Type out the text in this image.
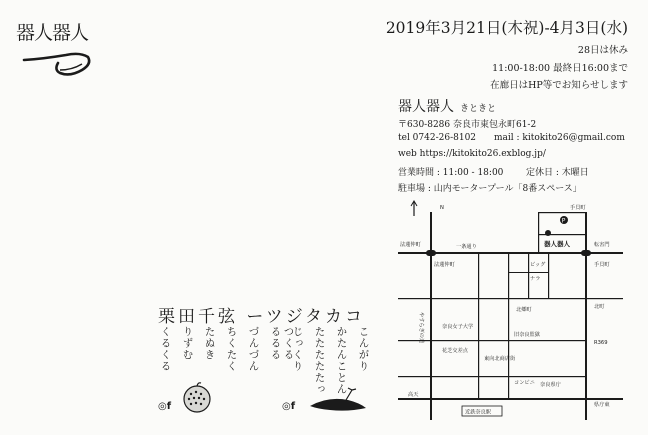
器人器人	2019年3月21日(木祝)-4月3日(水)
28日は休み
11:00-18:00 最終日16:00まで
在廊日はHP等でお知らせします
器人器人 きときと
〒630-8286 奈良市東包永町61-2
tel 0742-26-8102 mail : kitokito26@gmail.com
web https://kitokito26.exblog.jp/
営業時間 : 11:00 - 18:00	定休日 : 木曜日
駐車場 : 山内モータープール「8番スペース」
栗田千弦 ーツジタカコ
るるる
づんづん
ちくたく
たぬき
りずむ
くるくる	こんがり
かたんことん
たたたたたっ
じっくり
つくる
◎f	◎f
P
N	手貝町
器人器人
一条通り
法蓮仲町
法蓮仲町
転害門
手貝町
ビッグ
ナラ
北町
やすらぎの道
北郷町
奈良女子大学
旧奈良監獄
花芝交差点
東向北商店街
コンビニ 奈良県庁
R369
高天
県庁東
近鉄奈良駅
